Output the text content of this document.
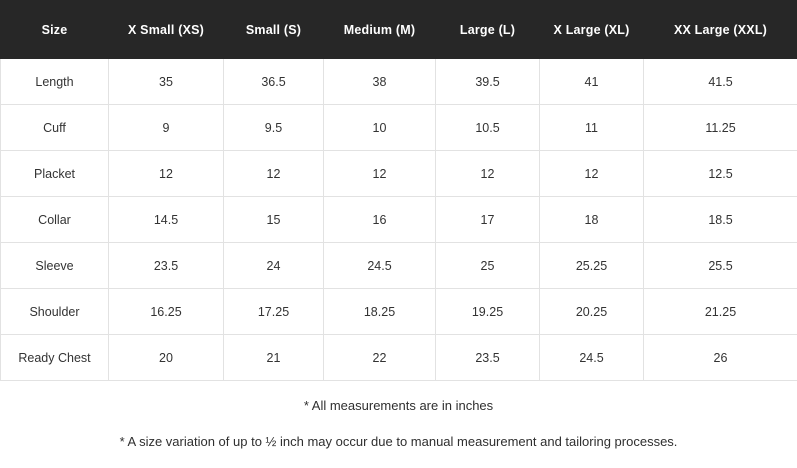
Size	X Small (XS)	Small (S)	Medium (M)	Large (L)	X Large (XL)	XX Large (XXL)
Length	35	36.5	38	39.5	41	41.5
Cuff	9	9.5	10	10.5	11	11.25
Placket	12	12	12	12	12	12.5
Collar	14.5	15	16	17	18	18.5
Sleeve	23.5	24	24.5	25	25.25	25.5
Shoulder	16.25	17.25	18.25	19.25	20.25	21.25
Ready Chest	20	21	22	23.5	24.5	26
* All measurements are in inches
* A size variation of up to ½ inch may occur due to manual measurement and tailoring processes.
